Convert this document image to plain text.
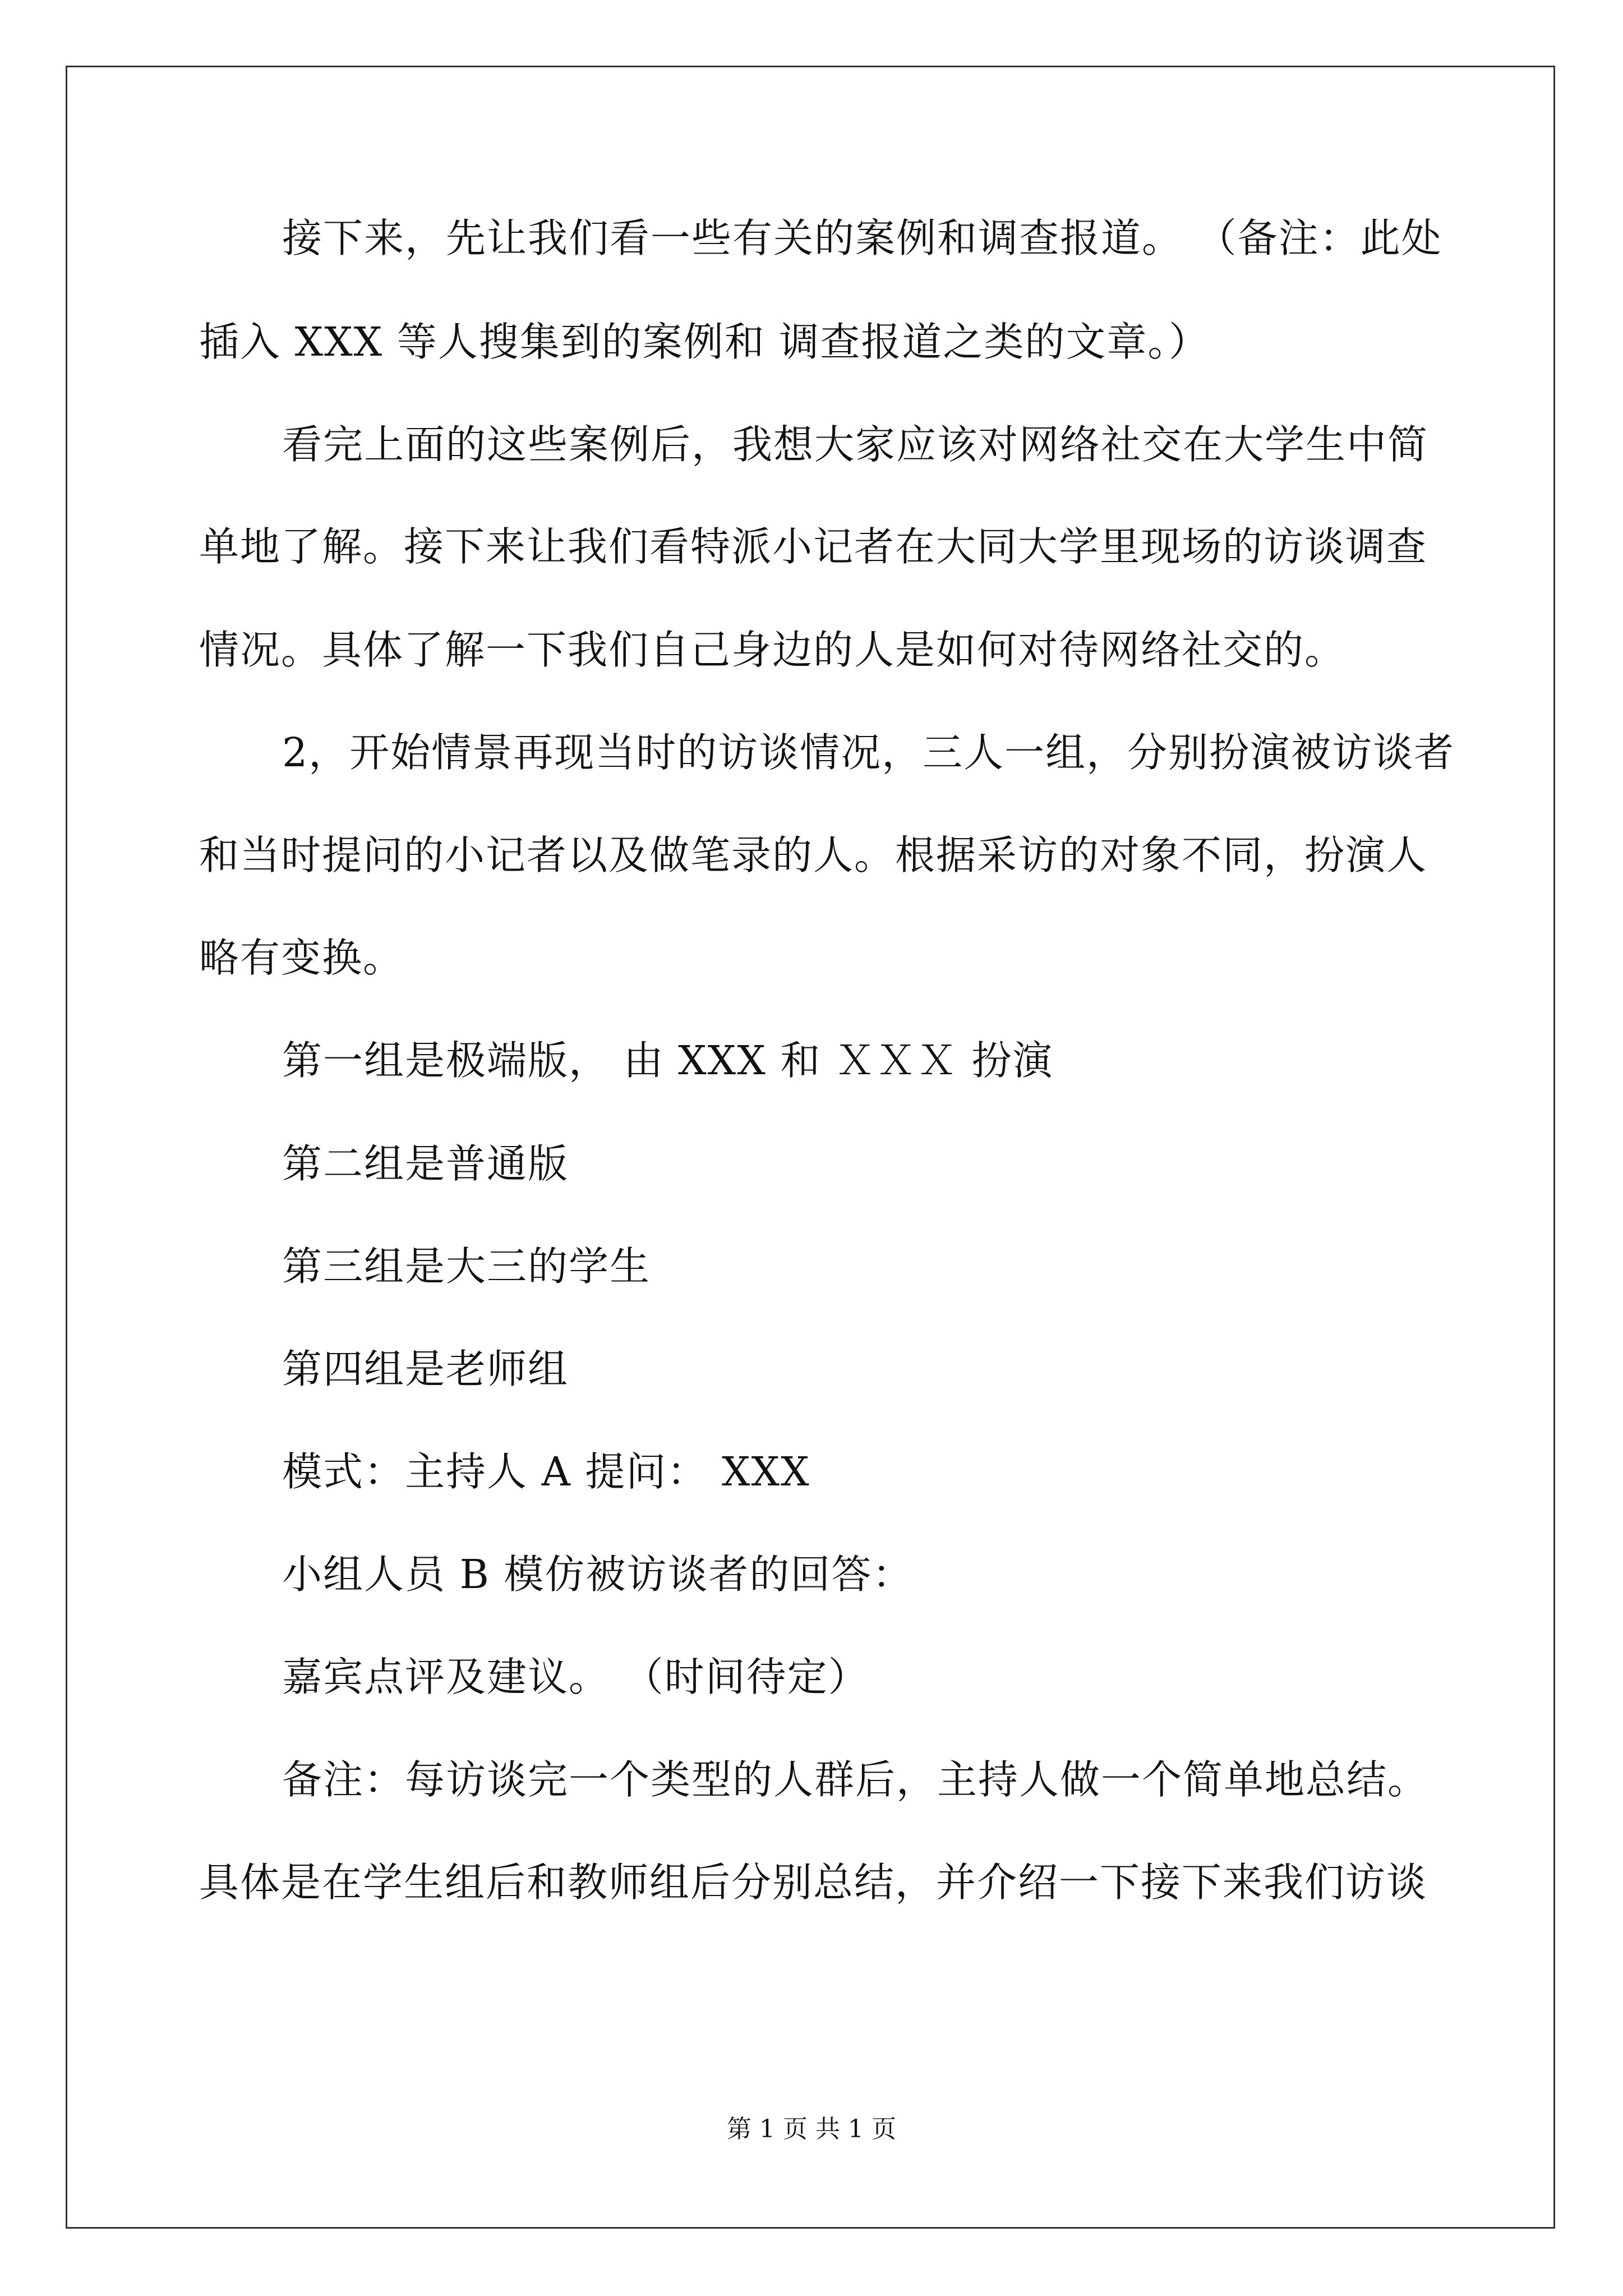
接下来，先让我们看一些有关的案例和调查报道。 （备注：此处
插入 XXX 等人搜集到的案例和 调查报道之类的文章。）
看完上面的这些案例后，我想大家应该对网络社交在大学生中简
单地了解。接下来让我们看特派小记者在大同大学里现场的访谈调查
情况。具体了解一下我们自己身边的人是如何对待网络社交的。
2，开始情景再现当时的访谈情况，三人一组，分别扮演被访谈者
和当时提问的小记者以及做笔录的人。根据采访的对象不同，扮演人
略有变换。
第一组是极端版， 由 XXX 和 ＸＸＸ 扮演
第二组是普通版
第三组是大三的学生
第四组是老师组
模式：主持人 A 提问： XXX
小组人员 B 模仿被访谈者的回答：
嘉宾点评及建议。 （时间待定）
备注：每访谈完一个类型的人群后，主持人做一个简单地总结。
具体是在学生组后和教师组后分别总结，并介绍一下接下来我们访谈
第 1 页 共 1 页
